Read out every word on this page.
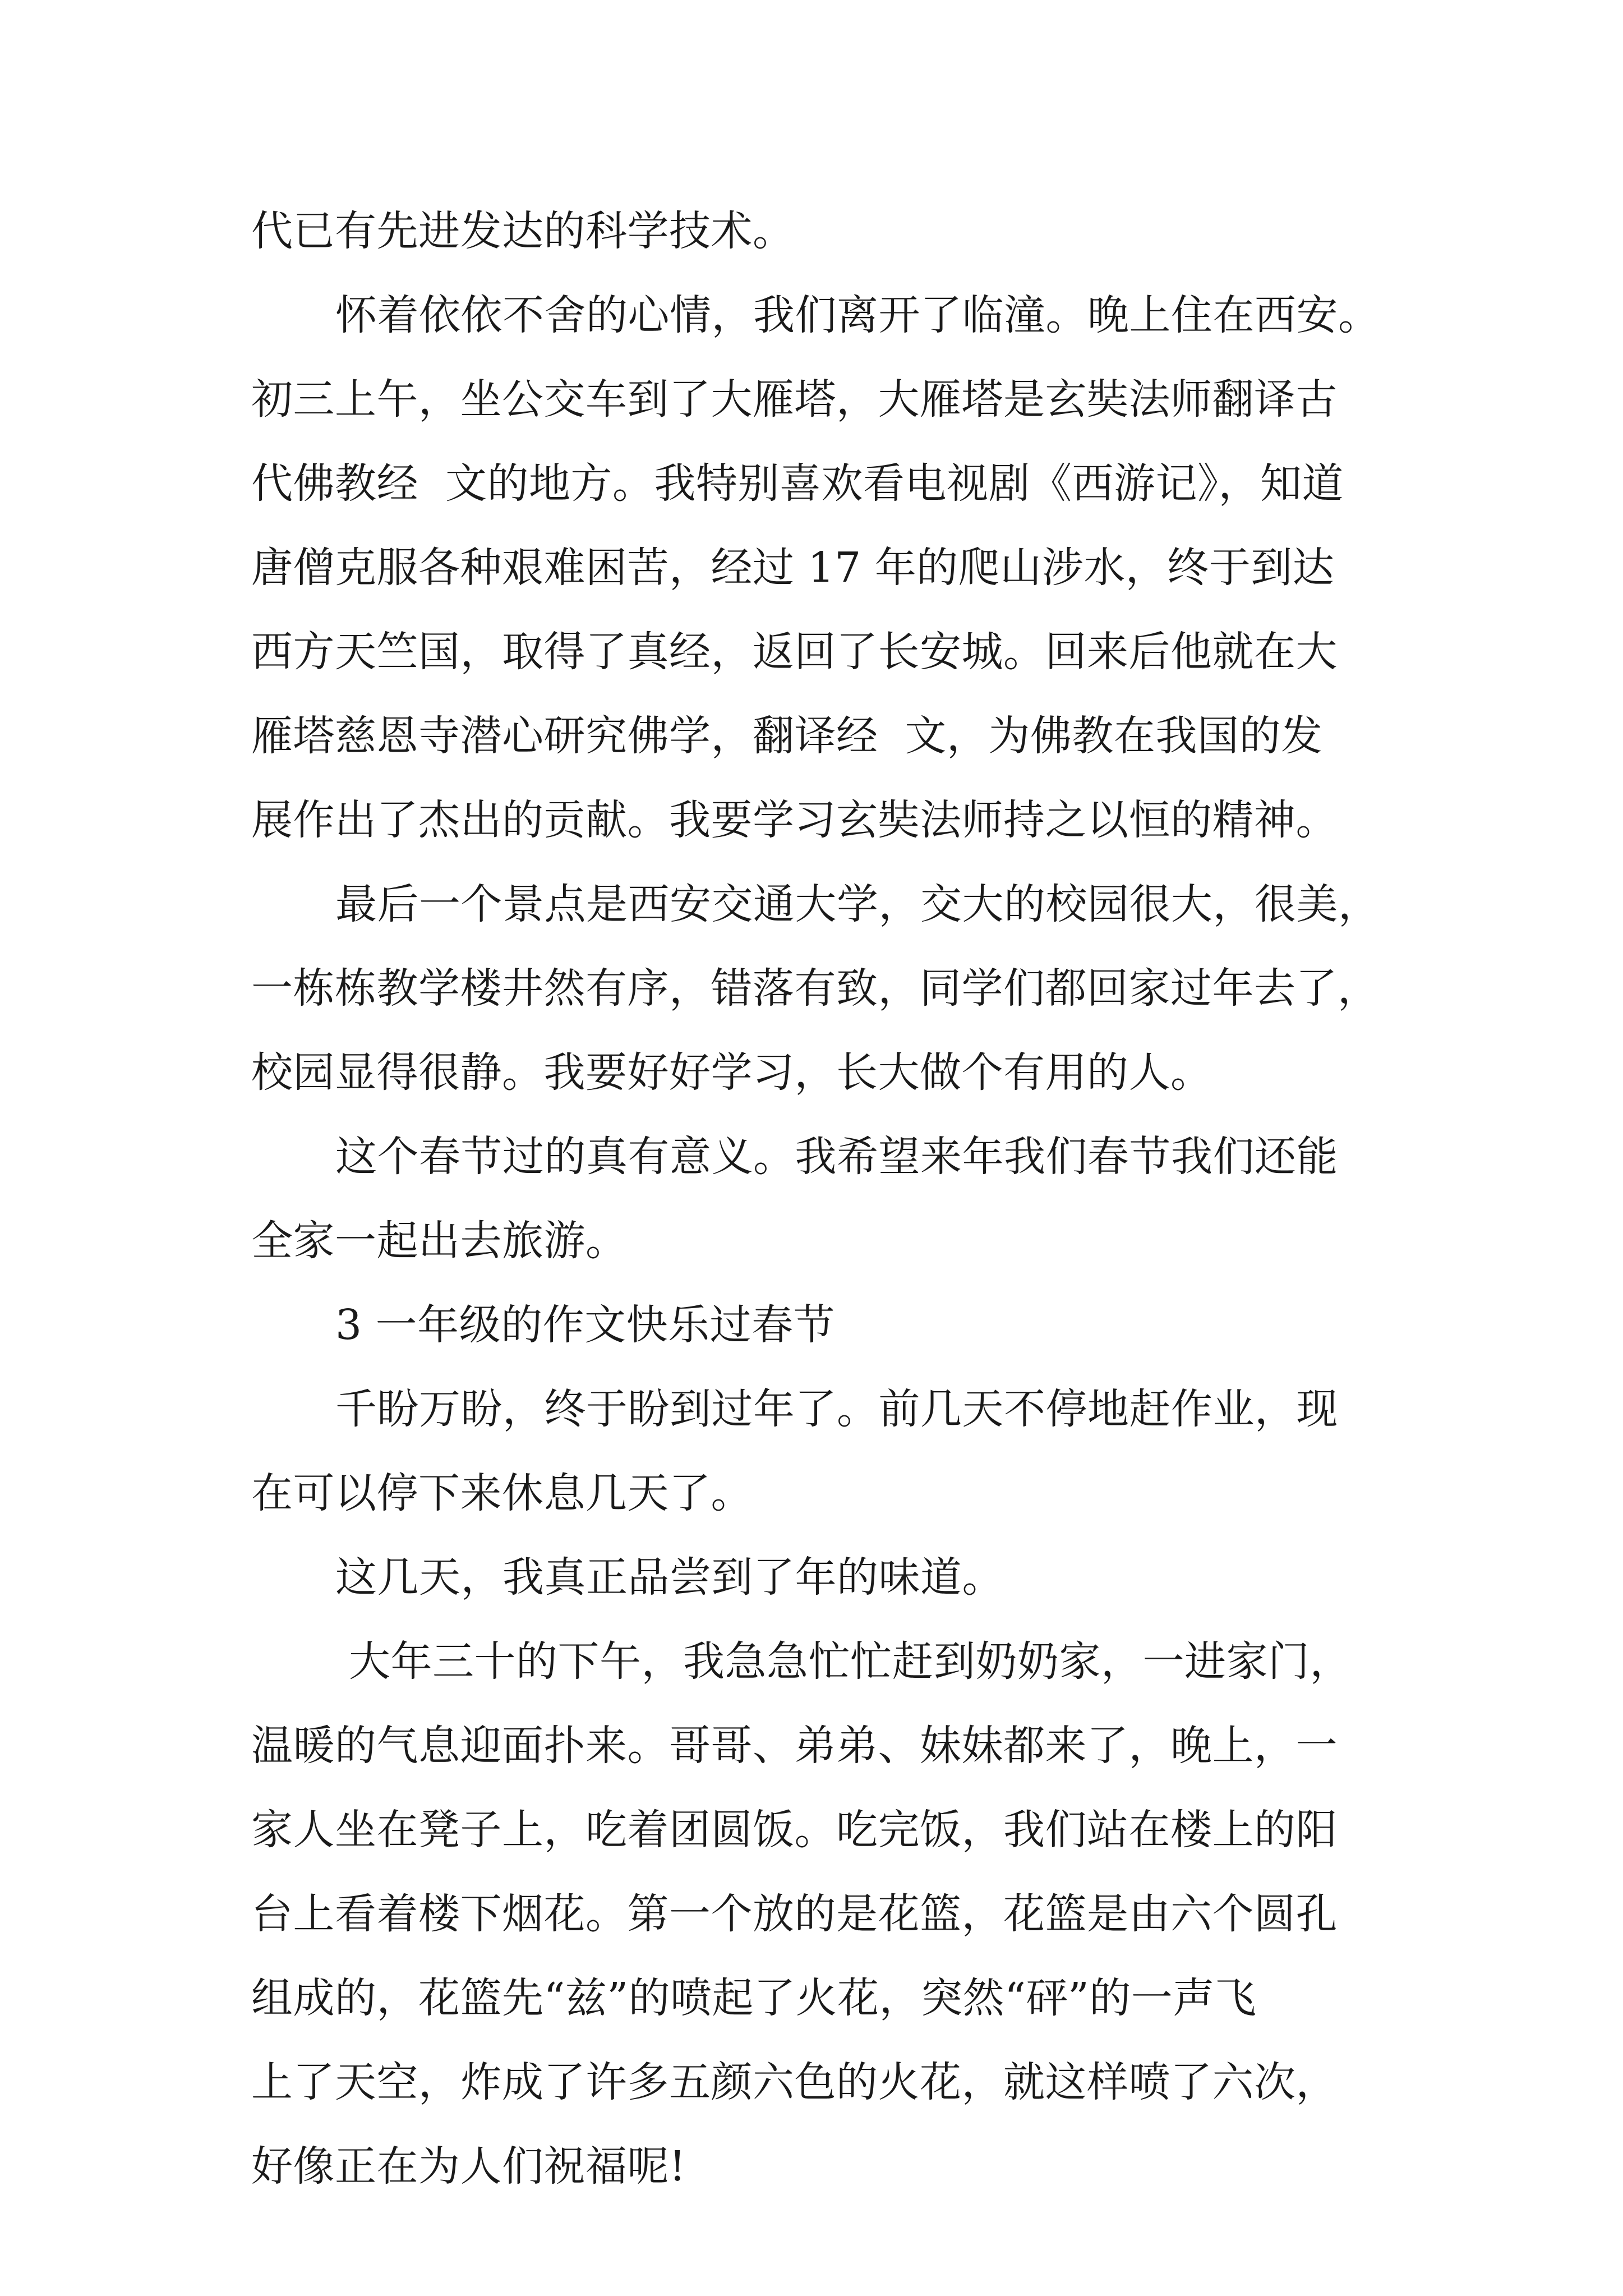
代已有先进发达的科学技术。
怀着依依不舍的心情，我们离开了临潼。晚上住在西安。
初三上午，坐公交车到了大雁塔，大雁塔是玄奘法师翻译古
代佛教经  文的地方。我特别喜欢看电视剧《西游记》，知道
唐僧克服各种艰难困苦，经过 17 年的爬山涉水，终于到达
西方天竺国，取得了真经，返回了长安城。回来后他就在大
雁塔慈恩寺潜心研究佛学，翻译经  文，为佛教在我国的发
展作出了杰出的贡献。我要学习玄奘法师持之以恒的精神。
最后一个景点是西安交通大学，交大的校园很大，很美，
一栋栋教学楼井然有序，错落有致，同学们都回家过年去了，
校园显得很静。我要好好学习，长大做个有用的人。
这个春节过的真有意义。我希望来年我们春节我们还能
全家一起出去旅游。
3 一年级的作文快乐过春节
千盼万盼，终于盼到过年了。前几天不停地赶作业，现
在可以停下来休息几天了。
这几天，我真正品尝到了年的味道。
大年三十的下午，我急急忙忙赶到奶奶家，一进家门，
温暖的气息迎面扑来。哥哥、弟弟、妹妹都来了，晚上，一
家人坐在凳子上，吃着团圆饭。吃完饭，我们站在楼上的阳
台上看着楼下烟花。第一个放的是花篮，花篮是由六个圆孔
组成的，花篮先“兹”的喷起了火花，突然“砰”的一声飞
上了天空，炸成了许多五颜六色的火花，就这样喷了六次，
好像正在为人们祝福呢!
